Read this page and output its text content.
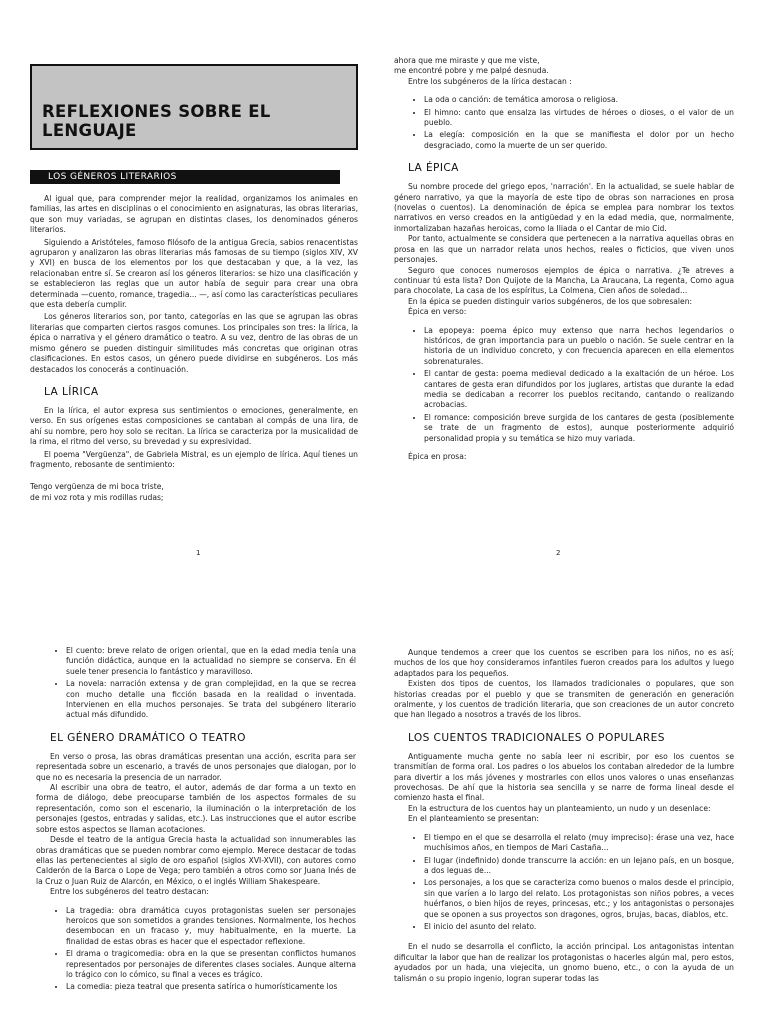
REFLEXIONES SOBRE EL LENGUAJE
LOS GÉNEROS LITERARIOS

Al igual que, para comprender mejor la realidad, organizamos los animales en familias, las artes en disciplinas o el conocimiento en asignaturas, las obras literarias, que son muy variadas, se agrupan en distintas clases, los denominados géneros literarios.

Siguiendo a Aristóteles, famoso filósofo de la antigua Grecia, sabios renacentistas agruparon y analizaron las obras literarias más famosas de su tiempo (siglos XIV, XV y XVI) en busca de los elementos por los que destacaban y que, a la vez, las relacionaban entre sí. Se crearon así los géneros literarios: se hizo una clasificación y se establecieron las reglas que un autor había de seguir para crear una obra determinada —cuento, romance, tragedia... —, así como las características peculiares que esta debería cumplir.

Los géneros literarios son, por tanto, categorías en las que se agrupan las obras literarias que comparten ciertos rasgos comunes. Los principales son tres: la lírica, la épica o narrativa y el género dramático o teatro. A su vez, dentro de las obras de un mismo género se pueden distinguir similitudes más concretas que originan otras clasificaciones. En estos casos, un género puede dividirse en subgéneros. Los más destacados los conocerás a continuación.

LA LÍRICA

En la lírica, el autor expresa sus sentimientos o emociones, generalmente, en verso. En sus orígenes estas composiciones se cantaban al compás de una lira, de ahí su nombre, pero hoy solo se recitan. La lírica se caracteriza por la musicalidad de la rima, el ritmo del verso, su brevedad y su expresividad.

El poema "Vergüenza", de Gabriela Mistral, es un ejemplo de lírica. Aquí tienes un fragmento, rebosante de sentimiento:

Tengo vergüenza de mi boca triste,

de mi voz rota y mis rodillas rudas;

1

ahora que me miraste y que me viste,

me encontré pobre y me palpé desnuda.

Entre los subgéneros de la lírica destacan :

• La oda o canción: de temática amorosa o religiosa.
• El himno: canto que ensalza las virtudes de héroes o dioses, o el valor de un pueblo.
• La elegía: composición en la que se manifiesta el dolor por un hecho desgraciado, como la muerte de un ser querido.
LA ÉPICA

Su nombre procede del griego epos, 'narración'. En la actualidad, se suele hablar de género narrativo, ya que la mayoría de este tipo de obras son narraciones en prosa (novelas o cuentos). La denominación de épica se emplea para nombrar los textos narrativos en verso creados en la antigüedad y en la edad media, que, normalmente, inmortalizaban hazañas heroicas, como la Iliada o el Cantar de mio Cid.

Por tanto, actualmente se considera que pertenecen a la narrativa aquellas obras en prosa en las que un narrador relata unos hechos, reales o ficticios, que viven unos personajes.

Seguro que conoces numerosos ejemplos de épica o narrativa. ¿Te atreves a continuar tú esta lista? Don Quijote de la Mancha, La Araucana, La regenta, Como agua para chocolate, La casa de los espíritus, La Colmena, Cien años de soledad...

En la épica se pueden distinguir varios subgéneros, de los que sobresalen:

Épica en verso:

• La epopeya: poema épico muy extenso que narra hechos legendarios o históricos, de gran importancia para un pueblo o nación. Se suele centrar en la historia de un individuo concreto, y con frecuencia aparecen en ella elementos sobrenaturales.
• El cantar de gesta: poema medieval dedicado a la exaltación de un héroe. Los cantares de gesta eran difundidos por los juglares, artistas que durante la edad media se dedicaban a recorrer los pueblos recitando, cantando o realizando acrobacias.
• El romance: composición breve surgida de los cantares de gesta (posiblemente se trate de un fragmento de estos), aunque posteriormente adquirió personalidad propia y su temática se hizo muy variada.

Épica en prosa:

2
• El cuento: breve relato de origen oriental, que en la edad media tenía una función didáctica, aunque en la actualidad no siempre se conserva. En él suele tener presencia lo fantástico y maravilloso.
• La novela: narración extensa y de gran complejidad, en la que se recrea con mucho detalle una ficción basada en la realidad o inventada. Intervienen en ella muchos personajes. Se trata del subgénero literario actual más difundido.
EL GÉNERO DRAMÁTICO O TEATRO

En verso o prosa, las obras dramáticas presentan una acción, escrita para ser representada sobre un escenario, a través de unos personajes que dialogan, por lo que no es necesaria la presencia de un narrador.

Al escribir una obra de teatro, el autor, además de dar forma a un texto en forma de diálogo, debe preocuparse también de los aspectos formales de su representación, como son el escenario, la iluminación o la interpretación de los personajes (gestos, entradas y salidas, etc.). Las instrucciones que el autor escribe sobre estos aspectos se llaman acotaciones.

Desde el teatro de la antigua Grecia hasta la actualidad son innumerables las obras dramáticas que se pueden nombrar como ejemplo. Merece destacar de todas ellas las pertenecientes al siglo de oro español (siglos XVI-XVII), con autores como Calderón de la Barca o Lope de Vega; pero también a otros como sor Juana Inés de la Cruz o Juan Ruiz de Alarcón, en México, o el inglés William Shakespeare.

Entre los subgéneros del teatro destacan:

• La tragedia: obra dramática cuyos protagonistas suelen ser personajes heroicos que son sometidos a grandes tensiones. Normalmente, los hechos desembocan en un fracaso y, muy habitualmente, en la muerte. La finalidad de estas obras es hacer que el espectador reflexione.
• El drama o tragicomedia: obra en la que se presentan conflictos humanos representados por personajes de diferentes clases sociales. Aunque alterna lo trágico con lo cómico, su final a veces es trágico.
• La comedia: pieza teatral que presenta satírica o humorísticamente los

Aunque tendemos a creer que los cuentos se escriben para los niños, no es así; muchos de los que hoy consideramos infantiles fueron creados para los adultos y luego adaptados para los pequeños.

Existen dos tipos de cuentos, los llamados tradicionales o populares, que son historias creadas por el pueblo y que se transmiten de generación en generación oralmente, y los cuentos de tradición literaria, que son creaciones de un autor concreto que han llegado a nosotros a través de los libros.

LOS CUENTOS TRADICIONALES O POPULARES

Antiguamente mucha gente no sabía leer ni escribir, por eso los cuentos se transmitían de forma oral. Los padres o los abuelos los contaban alrededor de la lumbre para divertir a los más jóvenes y mostrarles con ellos unos valores o unas enseñanzas provechosas. De ahí que la historia sea sencilla y se narre de forma lineal desde el comienzo hasta el final.

En la estructura de los cuentos hay un planteamiento, un nudo y un desenlace:

En el planteamiento se presentan:

• El tiempo en el que se desarrolla el relato (muy impreciso): érase una vez, hace muchísimos años, en tiempos de Mari Castaña...
• El lugar (indefinido) donde transcurre la acción: en un lejano país, en un bosque, a dos leguas de...
• Los personajes, a los que se caracteriza como buenos o malos desde el principio, sin que varíen a lo largo del relato. Los protagonistas son niños pobres, a veces huérfanos, o bien hijos de reyes, princesas, etc.; y los antagonistas o personajes que se oponen a sus proyectos son dragones, ogros, brujas, bacas, diablos, etc.
• El inicio del asunto del relato.

En el nudo se desarrolla el conflicto, la acción principal. Los antagonistas intentan dificultar la labor que han de realizar los protagonistas o hacerles algún mal, pero estos, ayudados por un hada, una viejecita, un gnomo bueno, etc., o con la ayuda de un talismán o su propio ingenio, logran superar todas las
